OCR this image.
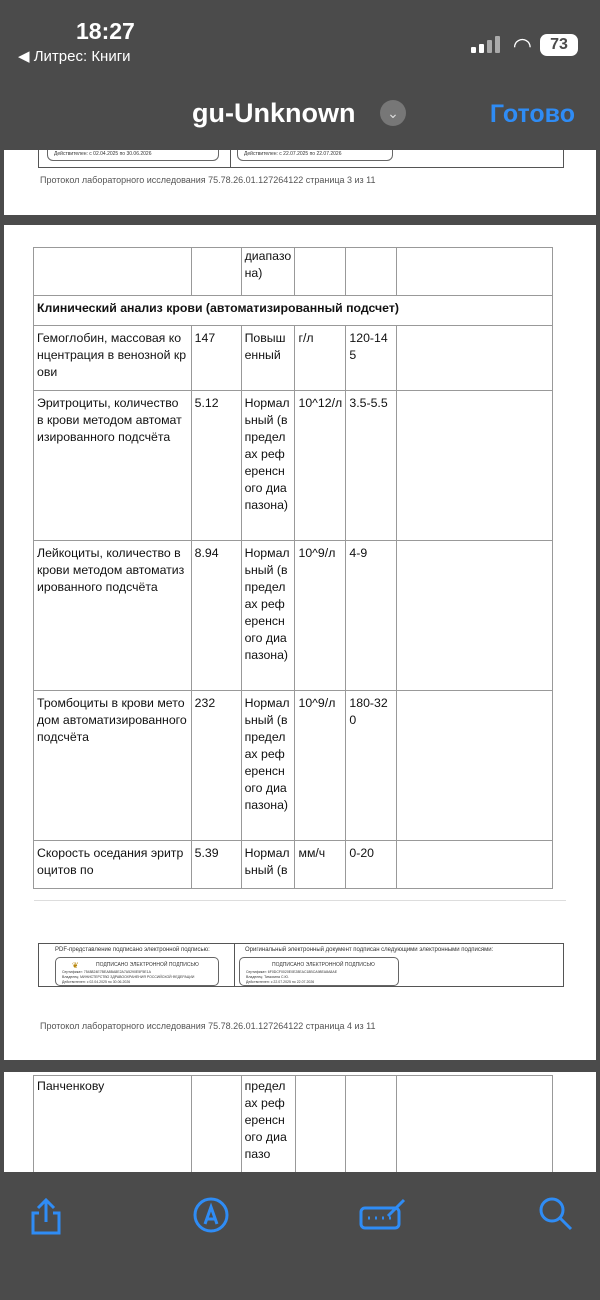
18:27
◀ Литрес: Книги	◠	73
gu-Unknown	⌄	Готово
Действителен: с 02.04.2025 по 30.06.2026	Действителен: с 22.07.2025 по 22.07.2026
Протокол лабораторного исследования 75.78.26.01.127264122 страница 3 из 11
		диапазона)			
Клинический анализ крови (автоматизированный подсчет)					
Гемоглобин, массовая концентрация в венозной крови	147	Повышенный	г/л	120-145	
Эритроциты, количество в крови методом автоматизированного подсчёта	5.12	Нормальный (в пределах референсного диапазона)	10^12/л	3.5-5.5	
Лейкоциты, количество в крови методом автоматизированного подсчёта	8.94	Нормальный (в пределах референсного диапазона)	10^9/л	4-9	
Тромбоциты в крови методом автоматизированного подсчёта	232	Нормальный (в пределах референсного диапазона)	10^9/л	180-320	
Скорость оседания эритроцитов по	5.39	Нормальный (в	мм/ч	0-20	
PDF-представление подписано электронной подписью:	Оригинальный электронный документ подписан следующими электронными подписями:
❦	ПОДПИСАНО ЭЛЕКТРОННОЙ ПОДПИСЬЮ
Сертификат: 7548824E7BEA8BA8E2A7A5290E5F5E1A
Владелец: МИНИСТЕРСТВО ЗДРАВООХРАНЕНИЯ РОССИЙСКОЙ ФЕДЕРАЦИИ
Действителен: с 02.04.2025 по 30.06.2026
ПОДПИСАНО ЭЛЕКТРОННОЙ ПОДПИСЬЮ
Сертификат: 6F0DCF0020E0E28EAC18BCA98EA8A8AE
Владелец: Тимохина С.Ю.
Действителен: с 22.07.2025 по 22.07.2026
Протокол лабораторного исследования 75.78.26.01.127264122 страница 4 из 11
Панченкову		пределах референсного диапазо			
